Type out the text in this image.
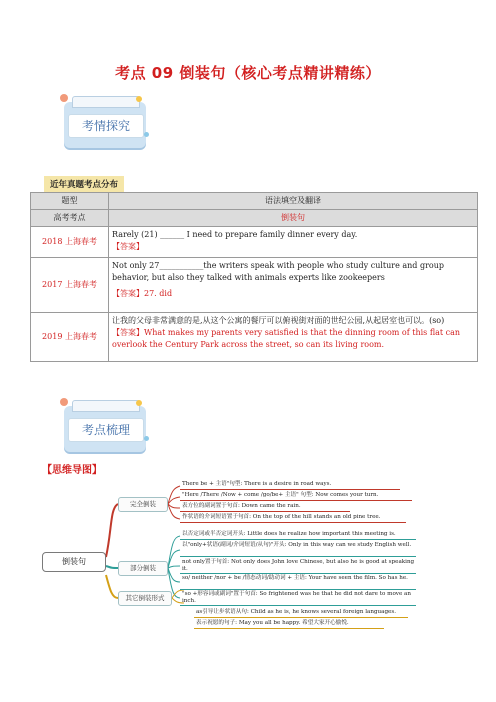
考点 09 倒装句（核心考点精讲精练）
考情探究
近年真题考点分布
题型	语法填空及翻译
高考考点	倒装句
2018 上海春考	Rarely (21) ______ I need to prepare family dinner every day.
【答案】

2017 上海春考	Not only 27___________the writers speak with people who study culture and group behavior, but also they talked with animals experts like zookeepers
【答案】27. did

2019 上海春考	让我的父母非常满意的是,从这个公寓的餐厅可以俯视街对面的世纪公园,从起居室也可以。(so)
【答案】What makes my parents very satisfied is that the dinning room of this flat can overlook the Century Park across the street, so can its living room.
考点梳理
【思维导图】
倒装句
完全倒装
部分倒装
其它倒装形式
There be + 主语"句型: There is a desire in road ways.
"Here /There /Now + come /go/be+ 主语" 句型: Now comes your turn.
表方位的副词置于句首: Down came the rain.
作状语的介词短语置于句首: On the top of the hill stands an old pine tree.
以否定词或半否定词开头: Little does he realize how important this meeting is.
以"only+状语(副词/介词短语/从句)"开头: Only in this way can we study English well.
not only置于句首: Not only does John love Chinese, but also he is good at speaking it.
so/ neither /nor + be /情态动词/助动词 + 主语: Your have seen the film. So has he.
"so +形容词或副词"置于句首: So frightened was he that he did not dare to move an inch.
as引导让步状语从句: Child as he is, he knows several foreign languages.
表示祝愿的句子: May you all be happy. 希望大家开心愉悦.
